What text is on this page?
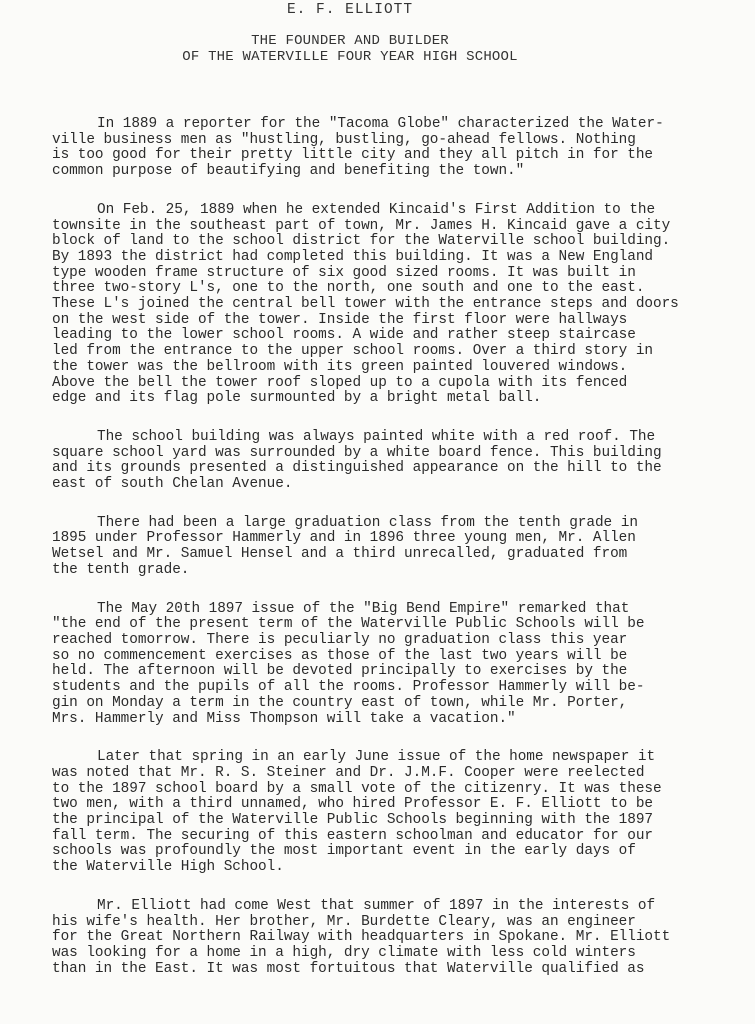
E. F. ELLIOTT
THE FOUNDER AND BUILDER
OF THE WATERVILLE FOUR YEAR HIGH SCHOOL
In 1889 a reporter for the "Tacoma Globe" characterized the Water-
ville business men as "hustling, bustling, go-ahead fellows. Nothing
is too good for their pretty little city and they all pitch in for the
common purpose of beautifying and benefiting the town."
On Feb. 25, 1889 when he extended Kincaid's First Addition to the
townsite in the southeast part of town, Mr. James H. Kincaid gave a city
block of land to the school district for the Waterville school building.
By 1893 the district had completed this building. It was a New England
type wooden frame structure of six good sized rooms. It was built in
three two-story L's, one to the north, one south and one to the east.
These L's joined the central bell tower with the entrance steps and doors
on the west side of the tower. Inside the first floor were hallways
leading to the lower school rooms. A wide and rather steep staircase
led from the entrance to the upper school rooms. Over a third story in
the tower was the bellroom with its green painted louvered windows.
Above the bell the tower roof sloped up to a cupola with its fenced
edge and its flag pole surmounted by a bright metal ball.
The school building was always painted white with a red roof. The
square school yard was surrounded by a white board fence. This building
and its grounds presented a distinguished appearance on the hill to the
east of south Chelan Avenue.
There had been a large graduation class from the tenth grade in
1895 under Professor Hammerly and in 1896 three young men, Mr. Allen
Wetsel and Mr. Samuel Hensel and a third unrecalled, graduated from
the tenth grade.
The May 20th 1897 issue of the "Big Bend Empire" remarked that
"the end of the present term of the Waterville Public Schools will be
reached tomorrow. There is peculiarly no graduation class this year
so no commencement exercises as those of the last two years will be
held. The afternoon will be devoted principally to exercises by the
students and the pupils of all the rooms. Professor Hammerly will be-
gin on Monday a term in the country east of town, while Mr. Porter,
Mrs. Hammerly and Miss Thompson will take a vacation."
Later that spring in an early June issue of the home newspaper it
was noted that Mr. R. S. Steiner and Dr. J.M.F. Cooper were reelected
to the 1897 school board by a small vote of the citizenry. It was these
two men, with a third unnamed, who hired Professor E. F. Elliott to be
the principal of the Waterville Public Schools beginning with the 1897
fall term. The securing of this eastern schoolman and educator for our
schools was profoundly the most important event in the early days of
the Waterville High School.
Mr. Elliott had come West that summer of 1897 in the interests of
his wife's health. Her brother, Mr. Burdette Cleary, was an engineer
for the Great Northern Railway with headquarters in Spokane. Mr. Elliott
was looking for a home in a high, dry climate with less cold winters
than in the East. It was most fortuitous that Waterville qualified as
